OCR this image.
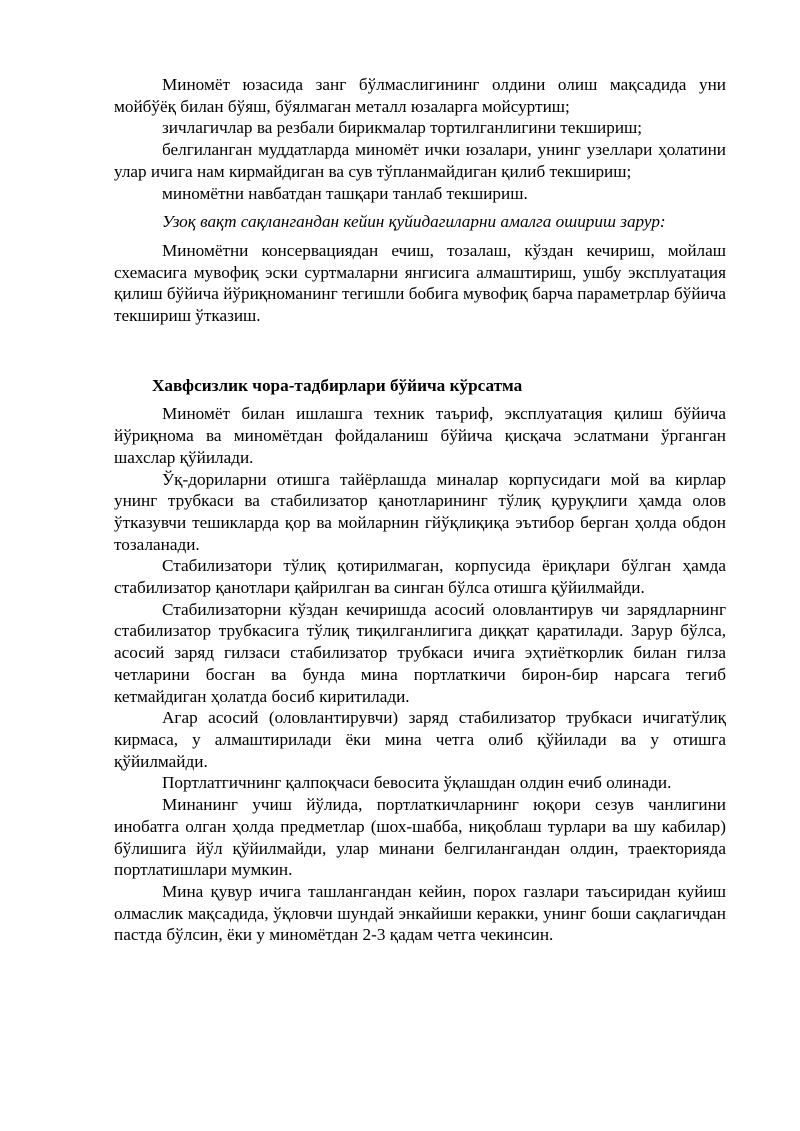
Миномёт юзасида занг бўлмаслигининг олдини олиш мақсадида уни мойбўёқ билан бўяш, бўялмаган металл юзаларга мойсуртиш;

зичлагичлар ва резбали бирикмалар тортилганлигини текшириш;

белгиланган муддатларда миномёт ички юзалари, унинг узеллари ҳолатини улар ичига нам кирмайдиган ва сув тўпланмайдиган қилиб текшириш;

миномётни навбатдан ташқари танлаб текшириш.

Узоқ вақт сақлангандан кейин қуйидагиларни амалга ошириш зарур:

Миномётни консервациядан ечиш, тозалаш, кўздан кечириш, мойлаш схемасига мувофиқ эски суртмаларни янгисига алмаштириш, ушбу эксплуатация қилиш бўйича йўриқноманинг тегишли бобига мувофиқ барча параметрлар бўйича текшириш ўтказиш.

Хавфсизлик чора-тадбирлари бўйича кўрсатма

Миномёт билан ишлашга техник таъриф, эксплуатация қилиш бўйича йўриқнома ва миномётдан фойдаланиш бўйича қисқача эслатмани ўрганган шахслар қўйилади.

Ўқ-дориларни отишга тайёрлашда миналар корпусидаги мой ва кирлар унинг трубкаси ва стабилизатор қанотларининг тўлиқ қуруқлиги ҳамда олов ўтказувчи тешикларда қор ва мойларнин гйўқлиқиқа эътибор берган ҳолда обдон тозаланади.

Стабилизатори тўлиқ қотирилмаган, корпусида ёриқлари бўлган ҳамда стабилизатор қанотлари қайрилган ва синган бўлса отишга қўйилмайди.

Стабилизаторни кўздан кечиришда асосий оловлантирув чи зарядларнинг стабилизатор трубкасига тўлиқ тиқилганлигига диққат қаратилади. Зарур бўлса, асосий заряд гилзаси стабилизатор трубкаси ичига эҳтиёткорлик билан гилза четларини босган ва бунда мина портлаткичи бирон-бир нарсага тегиб кетмайдиган ҳолатда босиб киритилади.

Агар асосий (оловлантирувчи) заряд стабилизатор трубкаси ичигатўлиқ кирмаса, у алмаштирилади ёки мина четга олиб қўйилади ва у отишга қўйилмайди.

Портлатгичнинг қалпоқчаси бевосита ўқлашдан олдин ечиб олинади.

Минанинг учиш йўлида, портлаткичларнинг юқори сезув чанлигини инобатга олган ҳолда предметлар (шох-шабба, ниқоблаш турлари ва шу кабилар) бўлишига йўл қўйилмайди, улар минани белгилангандан олдин, траекторияда портлатишлари мумкин.

Мина қувур ичига ташлангандан кейин, порох газлари таъсиридан куйиш олмаслик мақсадида, ўқловчи шундай энкайиши керакки, унинг боши сақлагичдан пастда бўлсин, ёки у миномётдан 2-3 қадам четга чекинсин.
